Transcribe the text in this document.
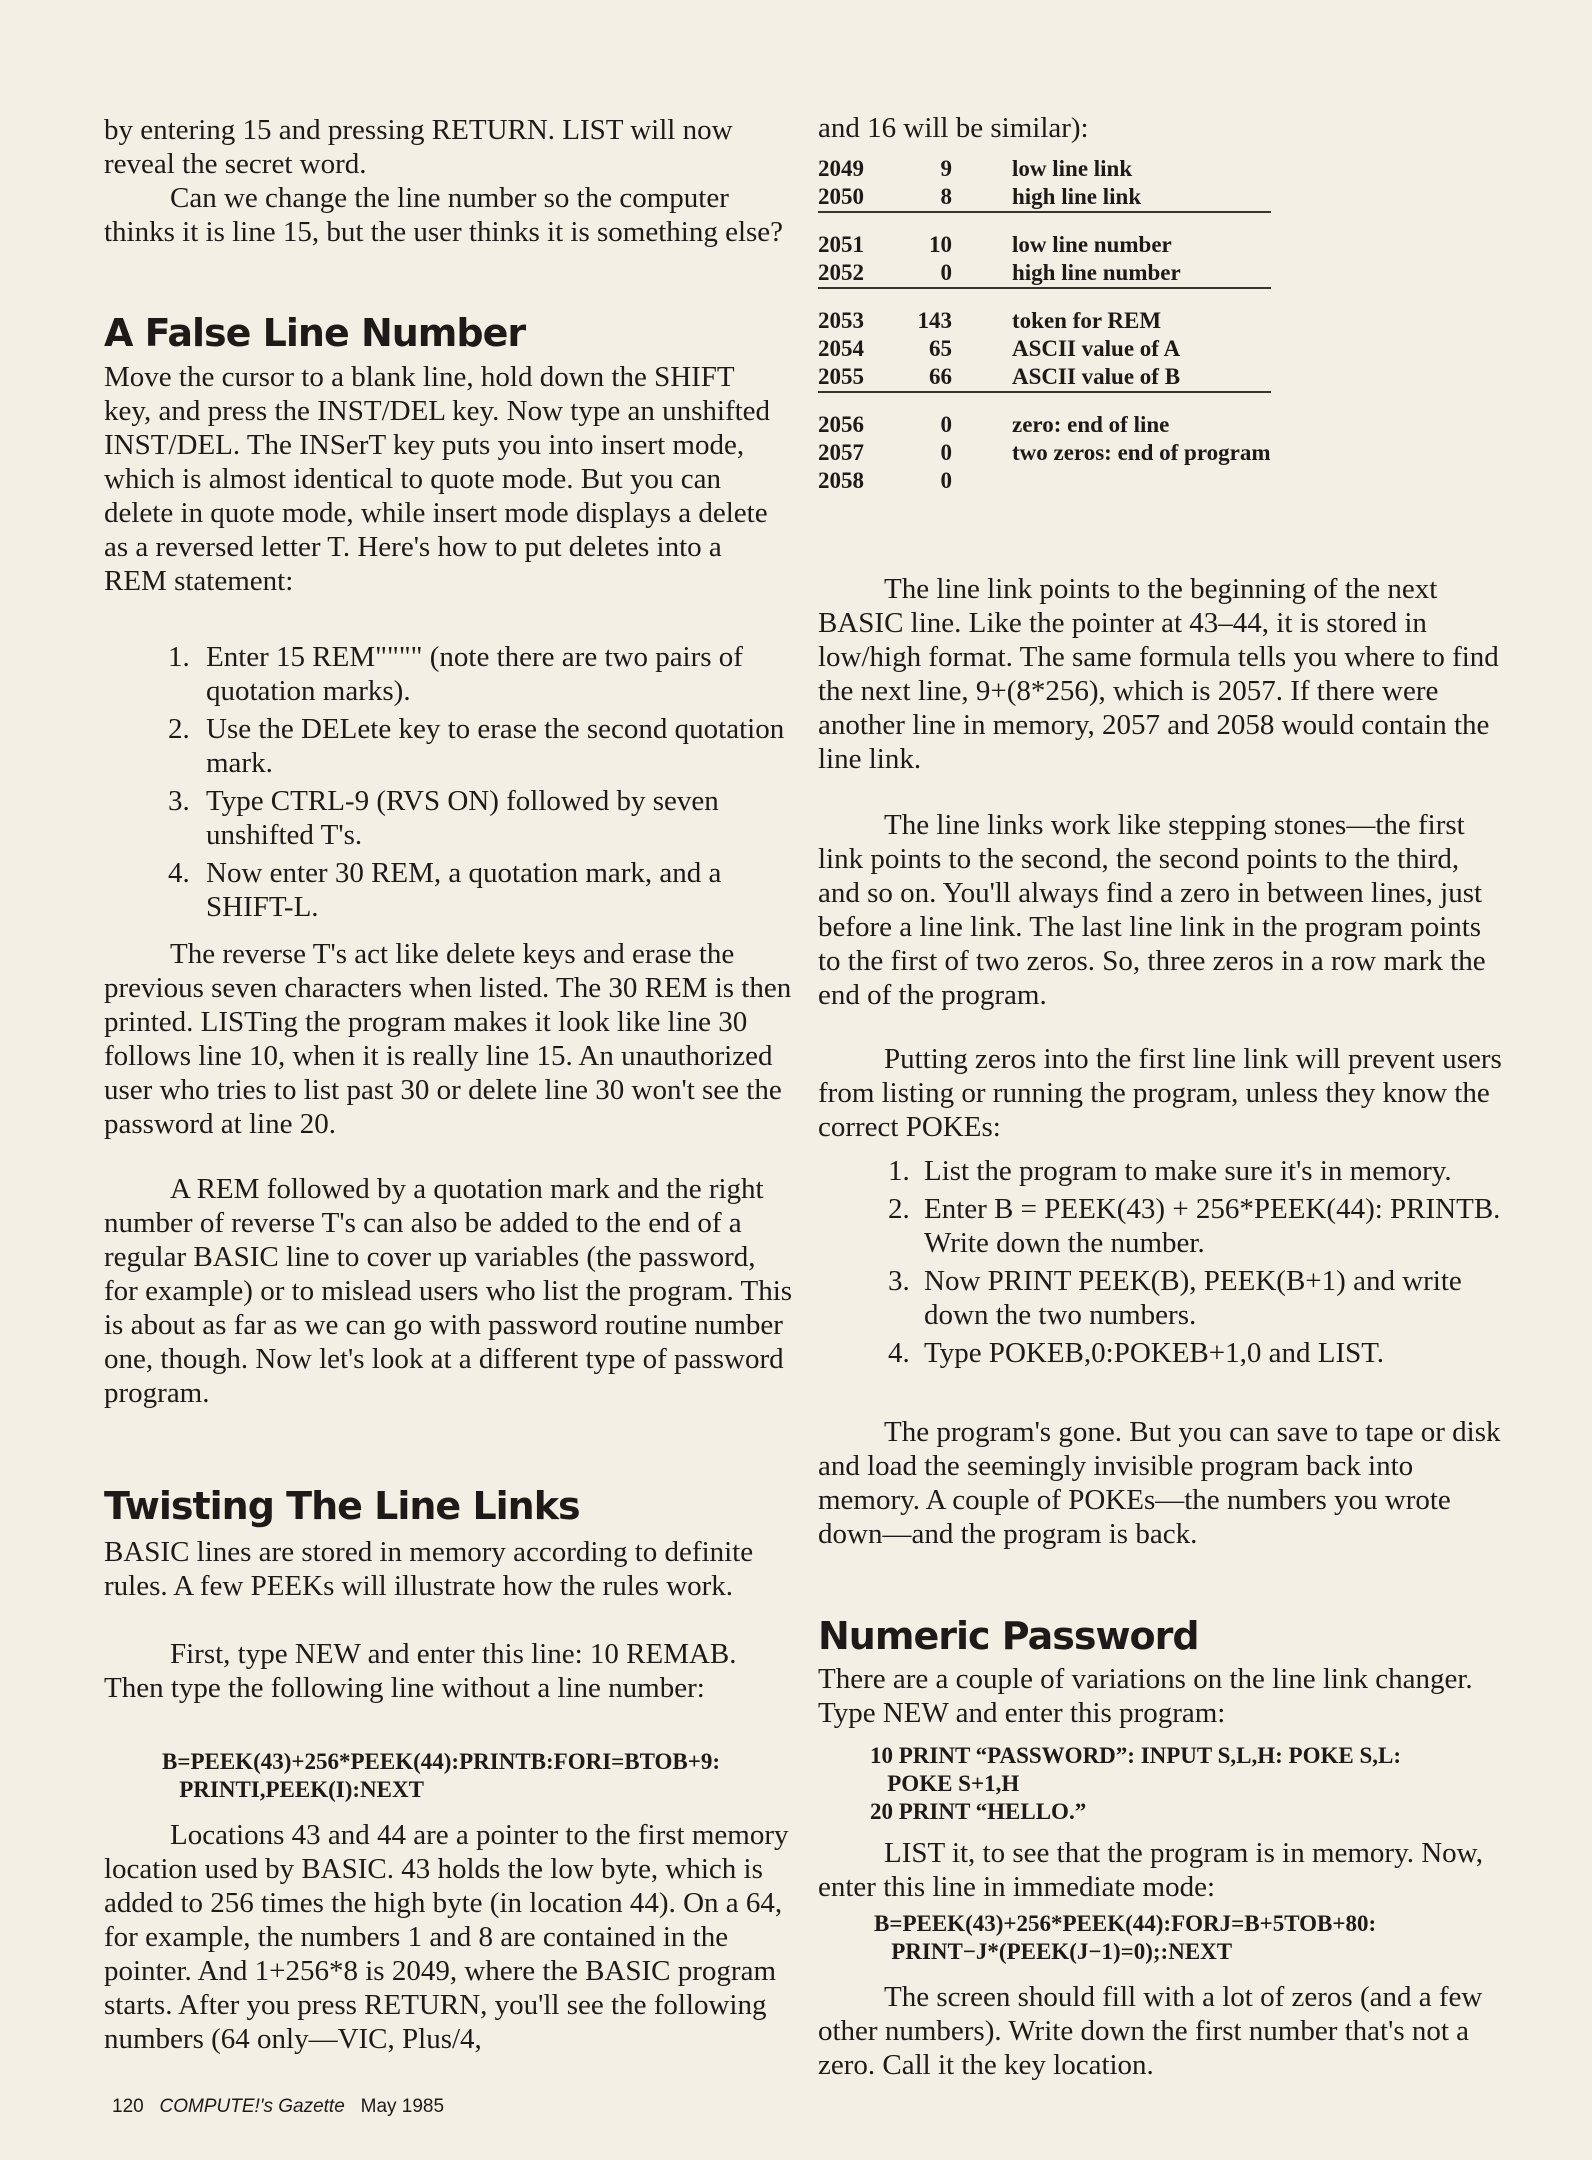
by entering 15 and pressing RETURN. LIST will now reveal the secret word.

Can we change the line number so the computer thinks it is line 15, but the user thinks it is something else?

A False Line Number

Move the cursor to a blank line, hold down the SHIFT key, and press the INST/DEL key. Now type an unshifted INST/DEL. The INSerT key puts you into insert mode, which is almost identical to quote mode. But you can delete in quote mode, while insert mode displays a delete as a reversed letter T. Here's how to put deletes into a REM statement:

1. Enter 15 REM"""" (note there are two pairs of quotation marks).
2. Use the DELete key to erase the second quotation mark.
3. Type CTRL-9 (RVS ON) followed by seven unshifted T's.
4. Now enter 30 REM, a quotation mark, and a SHIFT-L.

The reverse T's act like delete keys and erase the previous seven characters when listed. The 30 REM is then printed. LISTing the program makes it look like line 30 follows line 10, when it is really line 15. An unauthorized user who tries to list past 30 or delete line 30 won't see the password at line 20.

A REM followed by a quotation mark and the right number of reverse T's can also be added to the end of a regular BASIC line to cover up variables (the password, for example) or to mislead users who list the program. This is about as far as we can go with password routine number one, though. Now let's look at a different type of password program.

Twisting The Line Links

BASIC lines are stored in memory according to definite rules. A few PEEKs will illustrate how the rules work.

First, type NEW and enter this line: 10 REMAB. Then type the following line without a line number:

B=PEEK(43)+256*PEEK(44):PRINTB:FORI=BTOB+9:
PRINTI,PEEK(I):NEXT

Locations 43 and 44 are a pointer to the first memory location used by BASIC. 43 holds the low byte, which is added to 256 times the high byte (in location 44). On a 64, for example, the numbers 1 and 8 are contained in the pointer. And 1+256*8 is 2049, where the BASIC program starts. After you press RETURN, you'll see the following numbers (64 only—VIC, Plus/4,

and 16 will be similar):

2049	9	low line link
2050	8	high line link

2051	10	low line number
2052	0	high line number

2053	143	token for REM
2054	65	ASCII value of A
2055	66	ASCII value of B

2056	0	zero: end of line
2057	0	two zeros: end of program
2058	0	

The line link points to the beginning of the next BASIC line. Like the pointer at 43–44, it is stored in low/high format. The same formula tells you where to find the next line, 9+(8*256), which is 2057. If there were another line in memory, 2057 and 2058 would contain the line link.

The line links work like stepping stones—the first link points to the second, the second points to the third, and so on. You'll always find a zero in between lines, just before a line link. The last line link in the program points to the first of two zeros. So, three zeros in a row mark the end of the program.

Putting zeros into the first line link will prevent users from listing or running the program, unless they know the correct POKEs:

1. List the program to make sure it's in memory.
2. Enter B = PEEK(43) + 256*PEEK(44): PRINTB. Write down the number.
3. Now PRINT PEEK(B), PEEK(B+1) and write down the two numbers.
4. Type POKEB,0:POKEB+1,0 and LIST.

The program's gone. But you can save to tape or disk and load the seemingly invisible program back into memory. A couple of POKEs—the numbers you wrote down—and the program is back.

Numeric Password

There are a couple of variations on the line link changer. Type NEW and enter this program:

10 PRINT “PASSWORD”: INPUT S,L,H: POKE S,L:
POKE S+1,H
20 PRINT “HELLO.”

LIST it, to see that the program is in memory. Now, enter this line in immediate mode:

B=PEEK(43)+256*PEEK(44):FORJ=B+5TOB+80:
PRINT−J*(PEEK(J−1)=0);:NEXT

The screen should fill with a lot of zeros (and a few other numbers). Write down the first number that's not a zero. Call it the key location.

120 COMPUTE!'s Gazette May 1985
